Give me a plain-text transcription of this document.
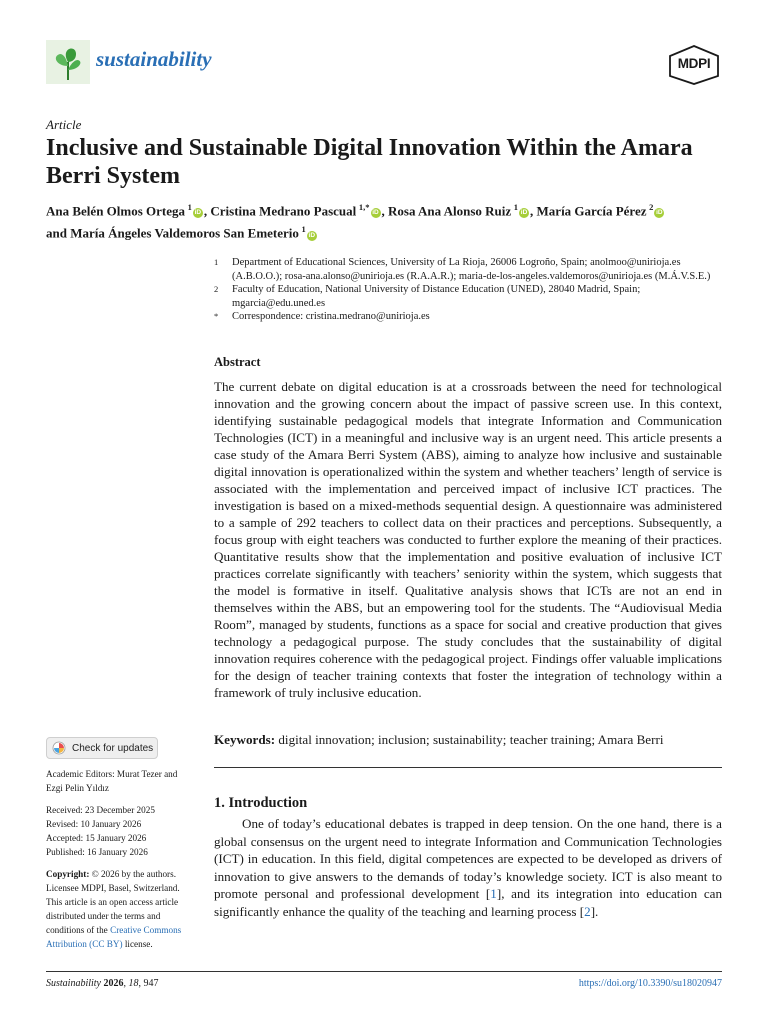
sustainability	MDPI
Article
Inclusive and Sustainable Digital Innovation Within the Amara Berri System
Ana Belén Olmos Ortega  $^1$iD , Cristina Medrano Pascual  $^{1,*}$iD , Rosa Ana Alonso Ruiz  $^1$iD , María García Pérez  $^2$iD
and María Ángeles Valdemoros San Emeterio  $^1$iD
1	Department of Educational Sciences, University of La Rioja, 26006 Logroño, Spain; anolmoo@unirioja.es (A.B.O.O.); rosa-ana.alonso@unirioja.es (R.A.A.R.); maria-de-los-angeles.valdemoros@unirioja.es (M.Á.V.S.E.)
2	Faculty of Education, National University of Distance Education (UNED), 28040 Madrid, Spain; mgarcia@edu.uned.es
*	Correspondence: cristina.medrano@unirioja.es
Abstract

The current debate on digital education is at a crossroads between the need for technological innovation and the growing concern about the impact of passive screen use. In this context, identifying sustainable pedagogical models that integrate Information and Communication Technologies (ICT) in a meaningful and inclusive way is an urgent need. This article presents a case study of the Amara Berri System (ABS), aiming to analyze how inclusive and sustainable digital innovation is operationalized within the system and whether teachers’ length of service is associated with the implementation and perceived impact of inclusive ICT practices. The investigation is based on a mixed-methods sequential design. A questionnaire was administered to a sample of 292 teachers to collect data on their practices and perceptions. Subsequently, a focus group with eight teachers was conducted to further explore the meaning of their practices. Quantitative results show that the implementation and positive evaluation of inclusive ICT practices correlate significantly with teachers’ seniority within the system, which suggests that the model is formative in itself. Qualitative analysis shows that ICTs are not an end in themselves within the ABS, but an empowering tool for the students. The “Audiovisual Media Room”, managed by students, functions as a space for social and creative production that gives technology a pedagogical purpose. The study concludes that the sustainability of digital innovation requires coherence with the pedagogical project. Findings offer valuable implications for the design of teacher training contexts that foster the integration of technology within a framework of truly inclusive education.

Keywords: digital innovation; inclusion; sustainability; teacher training; Amara Berri
Check for updates

Academic Editors: Murat Tezer and Ezgi Pelin Yıldız

Received: 23 December 2025

Revised: 10 January 2026

Accepted: 15 January 2026

Published: 16 January 2026

Copyright: © 2026 by the authors. Licensee MDPI, Basel, Switzerland. This article is an open access article distributed under the terms and conditions of the Creative Commons Attribution (CC BY) license.

1. Introduction

One of today’s educational debates is trapped in deep tension. On the one hand, there is a global consensus on the urgent need to integrate Information and Communication Technologies (ICT) in education. In this field, digital competences are expected to be developed as drivers of innovation to give answers to the demands of today’s knowledge society. ICT is also meant to promote personal and professional development [1], and its integration into education can significantly enhance the quality of the teaching and learning process [2].

Sustainability 2026, 18, 947	https://doi.org/10.3390/su18020947
